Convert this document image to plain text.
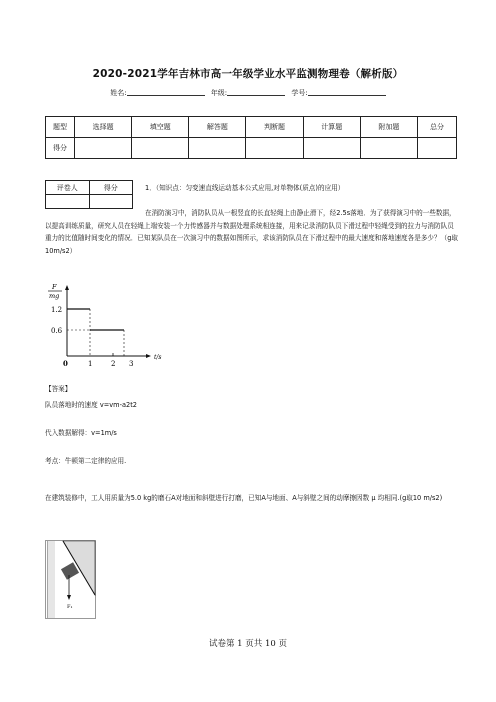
2020-2021学年吉林市高一年级学业水平监测物理卷（解析版）
姓名:	年级:	学号:
题型	选择题	填空题	解答题	判断题	计算题	附加题	总分
得分							
评卷人	得分
		1．（知识点：匀变速直线运动基本公式应用,对单物体(质点)的应用）
在消防演习中，消防队员从一根竖直的长直轻绳上由静止滑下，经2.5s落地．为了获得演习中的一些数据，以提高训练质量，研究人员在轻绳上端安装一个力传感器并与数据处理系统相连接，用来记录消防队员下滑过程中轻绳受到的拉力与消防队员重力的比值随时间变化的情况．已知某队员在一次演习中的数据如图所示，求该消防队员在下滑过程中的最大速度和落地速度各是多少？（g取10m/s2）
F
mg
t/s
1.2
0.6
0	1	2 3
【答案】
队员落地时的速度 v=vm-a2t2
代入数据解得：v=1m/s
考点：牛顿第二定律的应用.
在建筑装修中，工人用质量为5.0 kg的磨石A对地面和斜壁进行打磨，已知A与地面、A与斜壁之间的动摩擦因数 μ 均相同.(g取10 m/s2)
F₁
试卷第 1 页共 10 页
